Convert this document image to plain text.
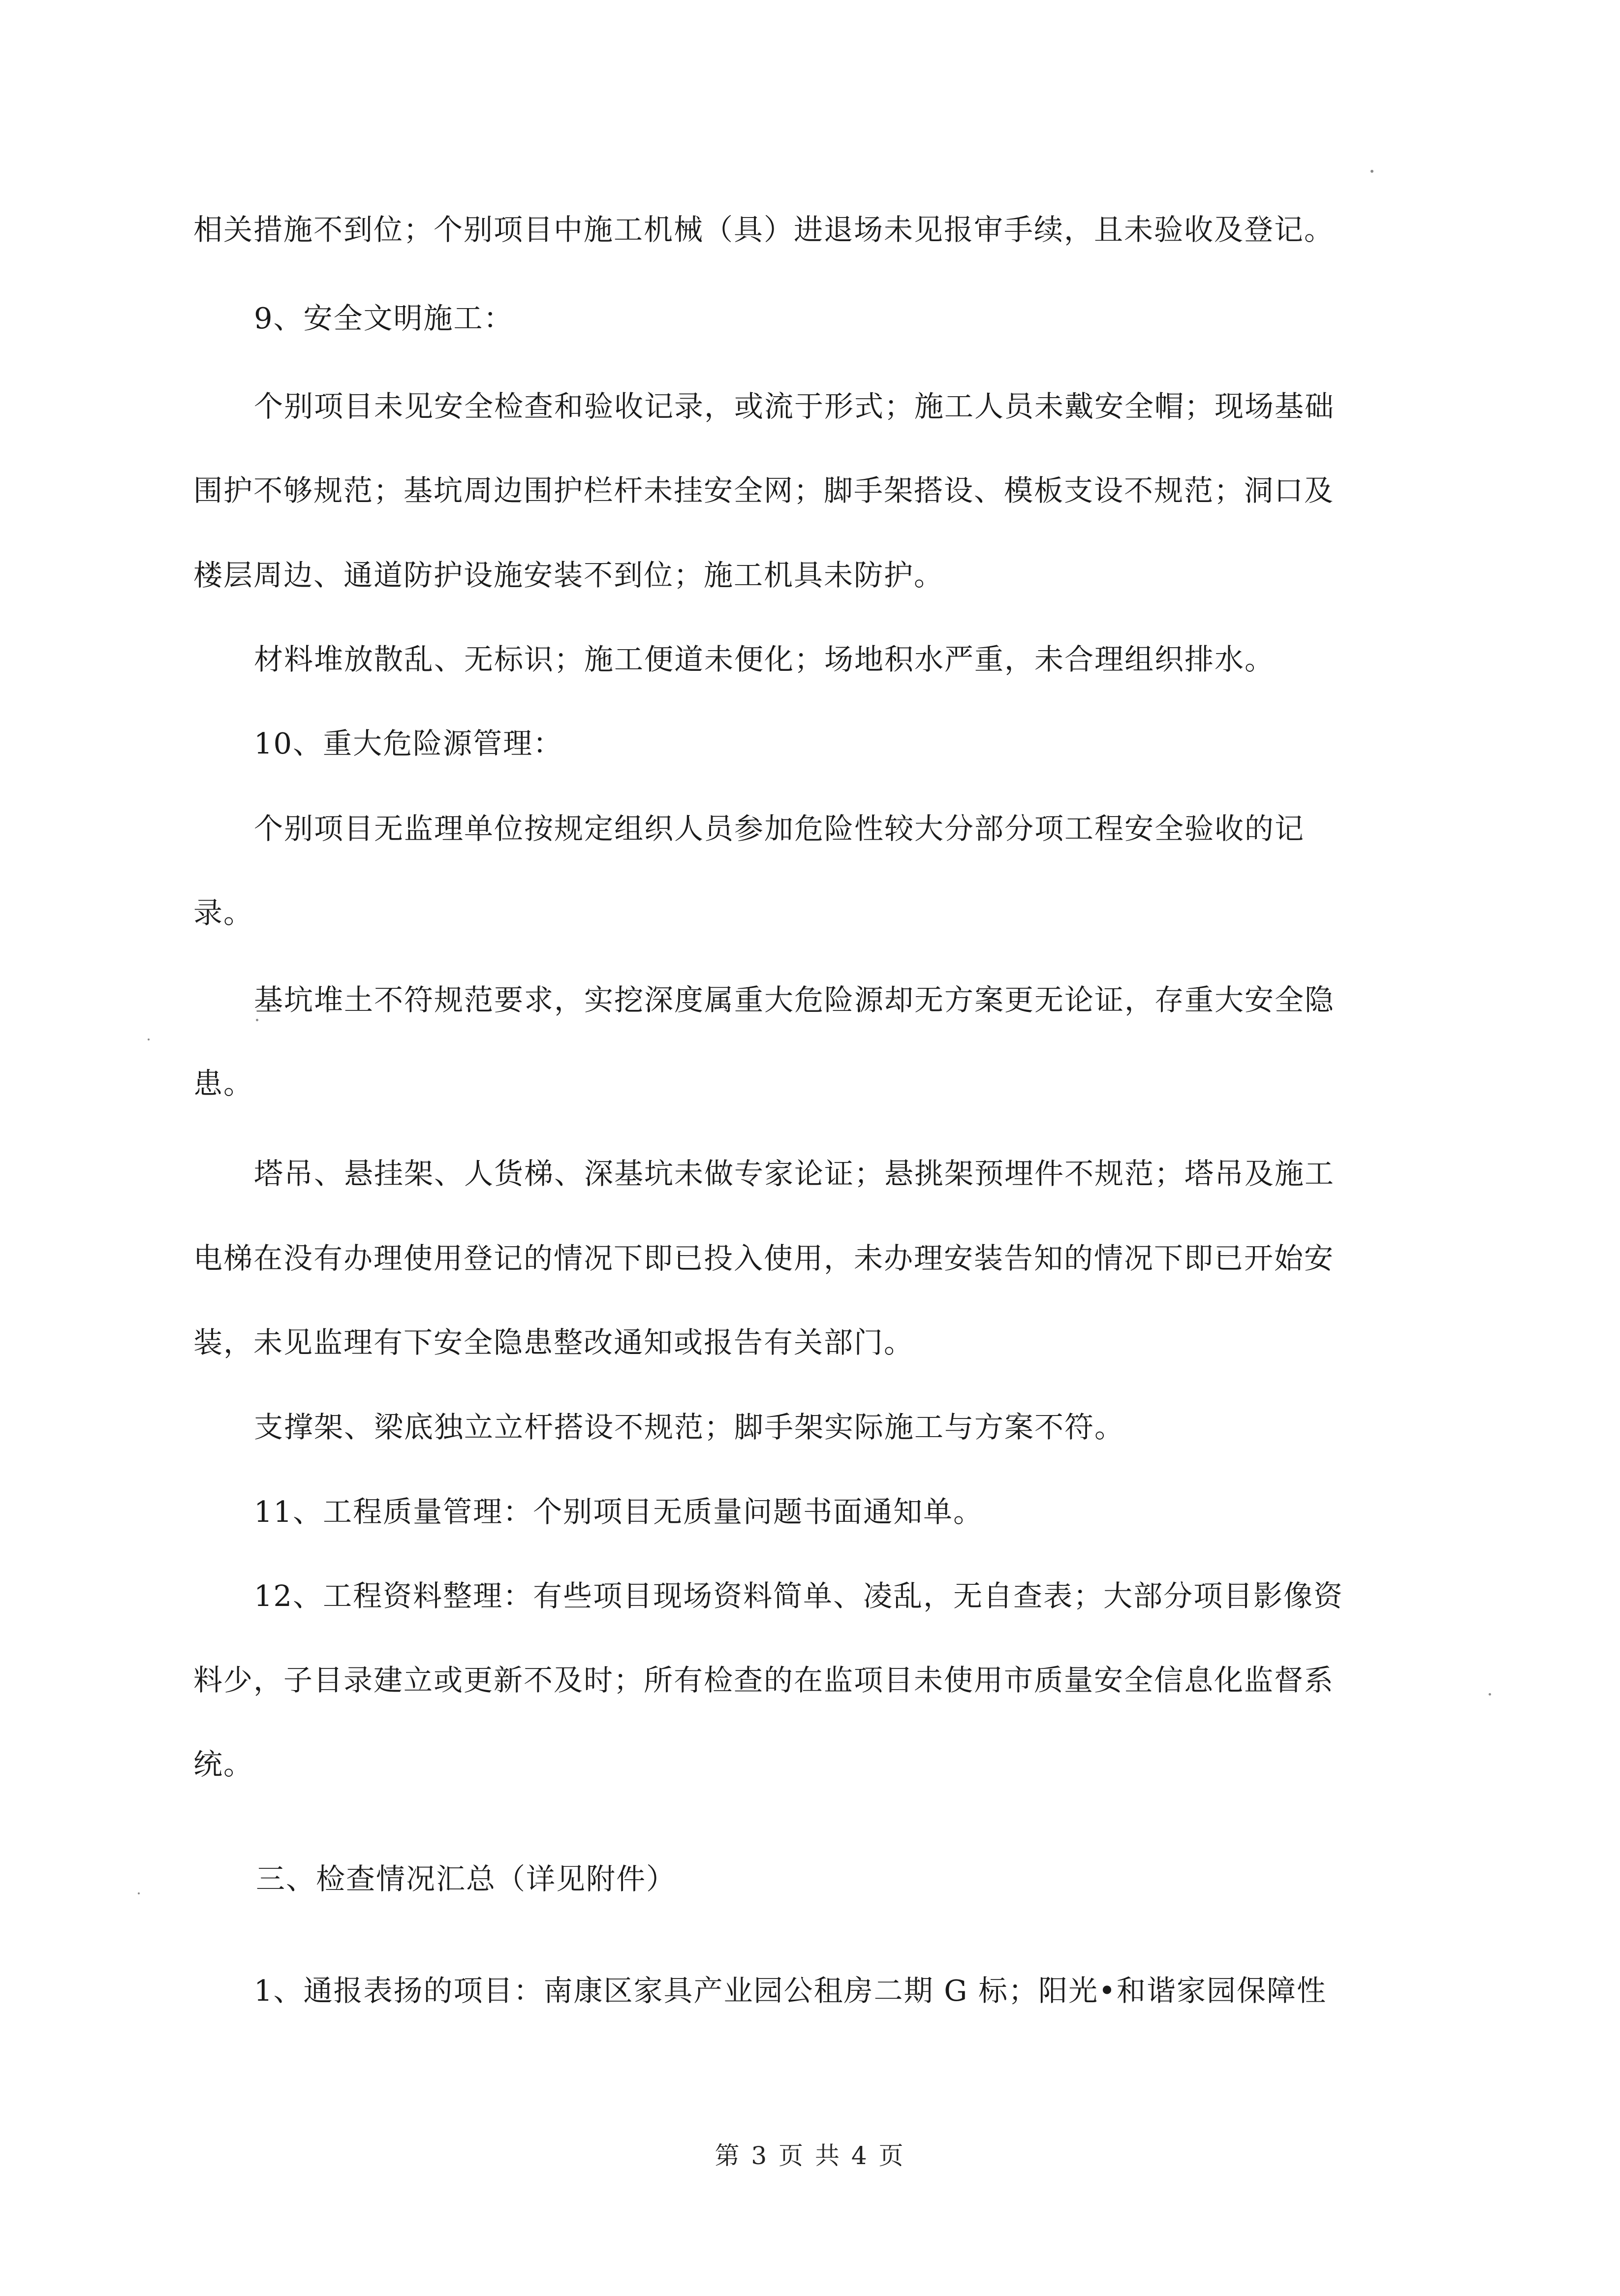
相关措施不到位；个别项目中施工机械（具）进退场未见报审手续，且未验收及登记。

9、安全文明施工：

个别项目未见安全检查和验收记录，或流于形式；施工人员未戴安全帽；现场基础

围护不够规范；基坑周边围护栏杆未挂安全网；脚手架搭设、模板支设不规范；洞口及

楼层周边、通道防护设施安装不到位；施工机具未防护。

材料堆放散乱、无标识；施工便道未便化；场地积水严重，未合理组织排水。

10、重大危险源管理：

个别项目无监理单位按规定组织人员参加危险性较大分部分项工程安全验收的记

录。

基坑堆土不符规范要求，实挖深度属重大危险源却无方案更无论证，存重大安全隐

患。

塔吊、悬挂架、人货梯、深基坑未做专家论证；悬挑架预埋件不规范；塔吊及施工

电梯在没有办理使用登记的情况下即已投入使用，未办理安装告知的情况下即已开始安

装，未见监理有下安全隐患整改通知或报告有关部门。

支撑架、梁底独立立杆搭设不规范；脚手架实际施工与方案不符。

11、工程质量管理：个别项目无质量问题书面通知单。

12、工程资料整理：有些项目现场资料简单、凌乱，无自查表；大部分项目影像资

料少，子目录建立或更新不及时；所有检查的在监项目未使用市质量安全信息化监督系

统。

三、检查情况汇总（详见附件）

1、通报表扬的项目：南康区家具产业园公租房二期 G 标；阳光•和谐家园保障性

第 3 页 共 4 页
